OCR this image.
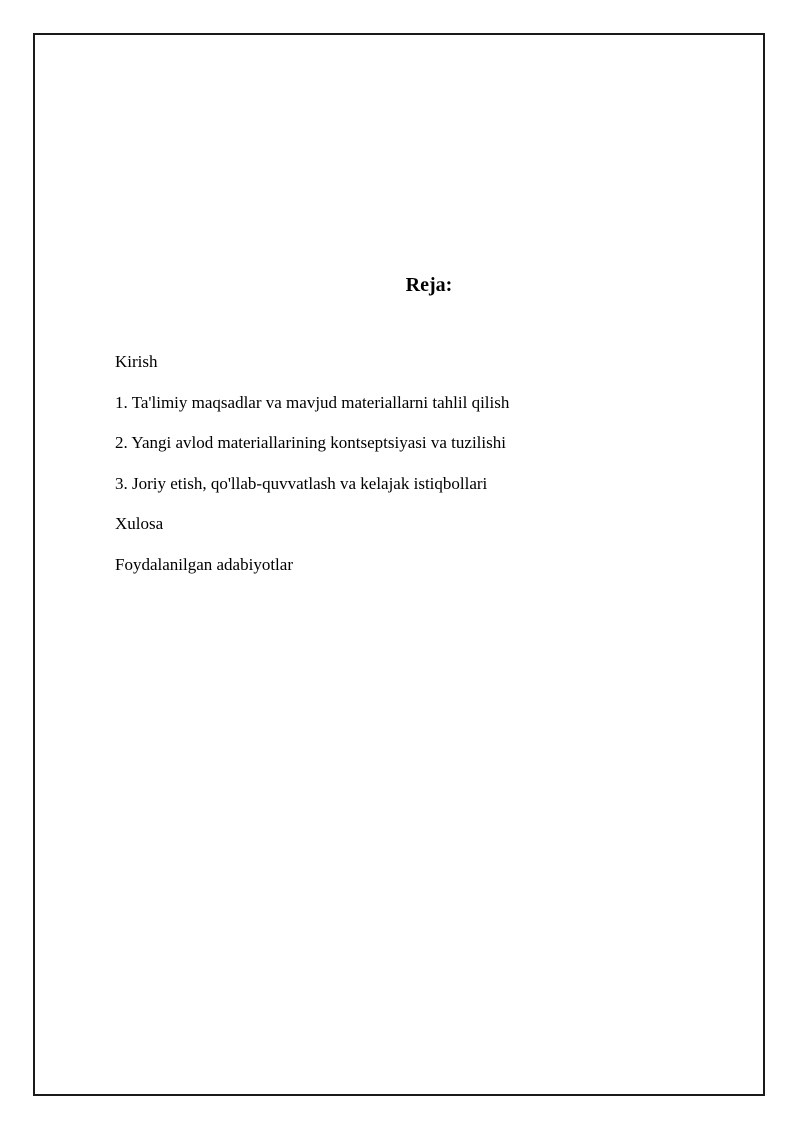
Reja:
Kirish
1. Ta'limiy maqsadlar va mavjud materiallarni tahlil qilish
2. Yangi avlod materiallarining kontseptsiyasi va tuzilishi
3. Joriy etish, qo'llab-quvvatlash va kelajak istiqbollari
Xulosa
Foydalanilgan adabiyotlar
